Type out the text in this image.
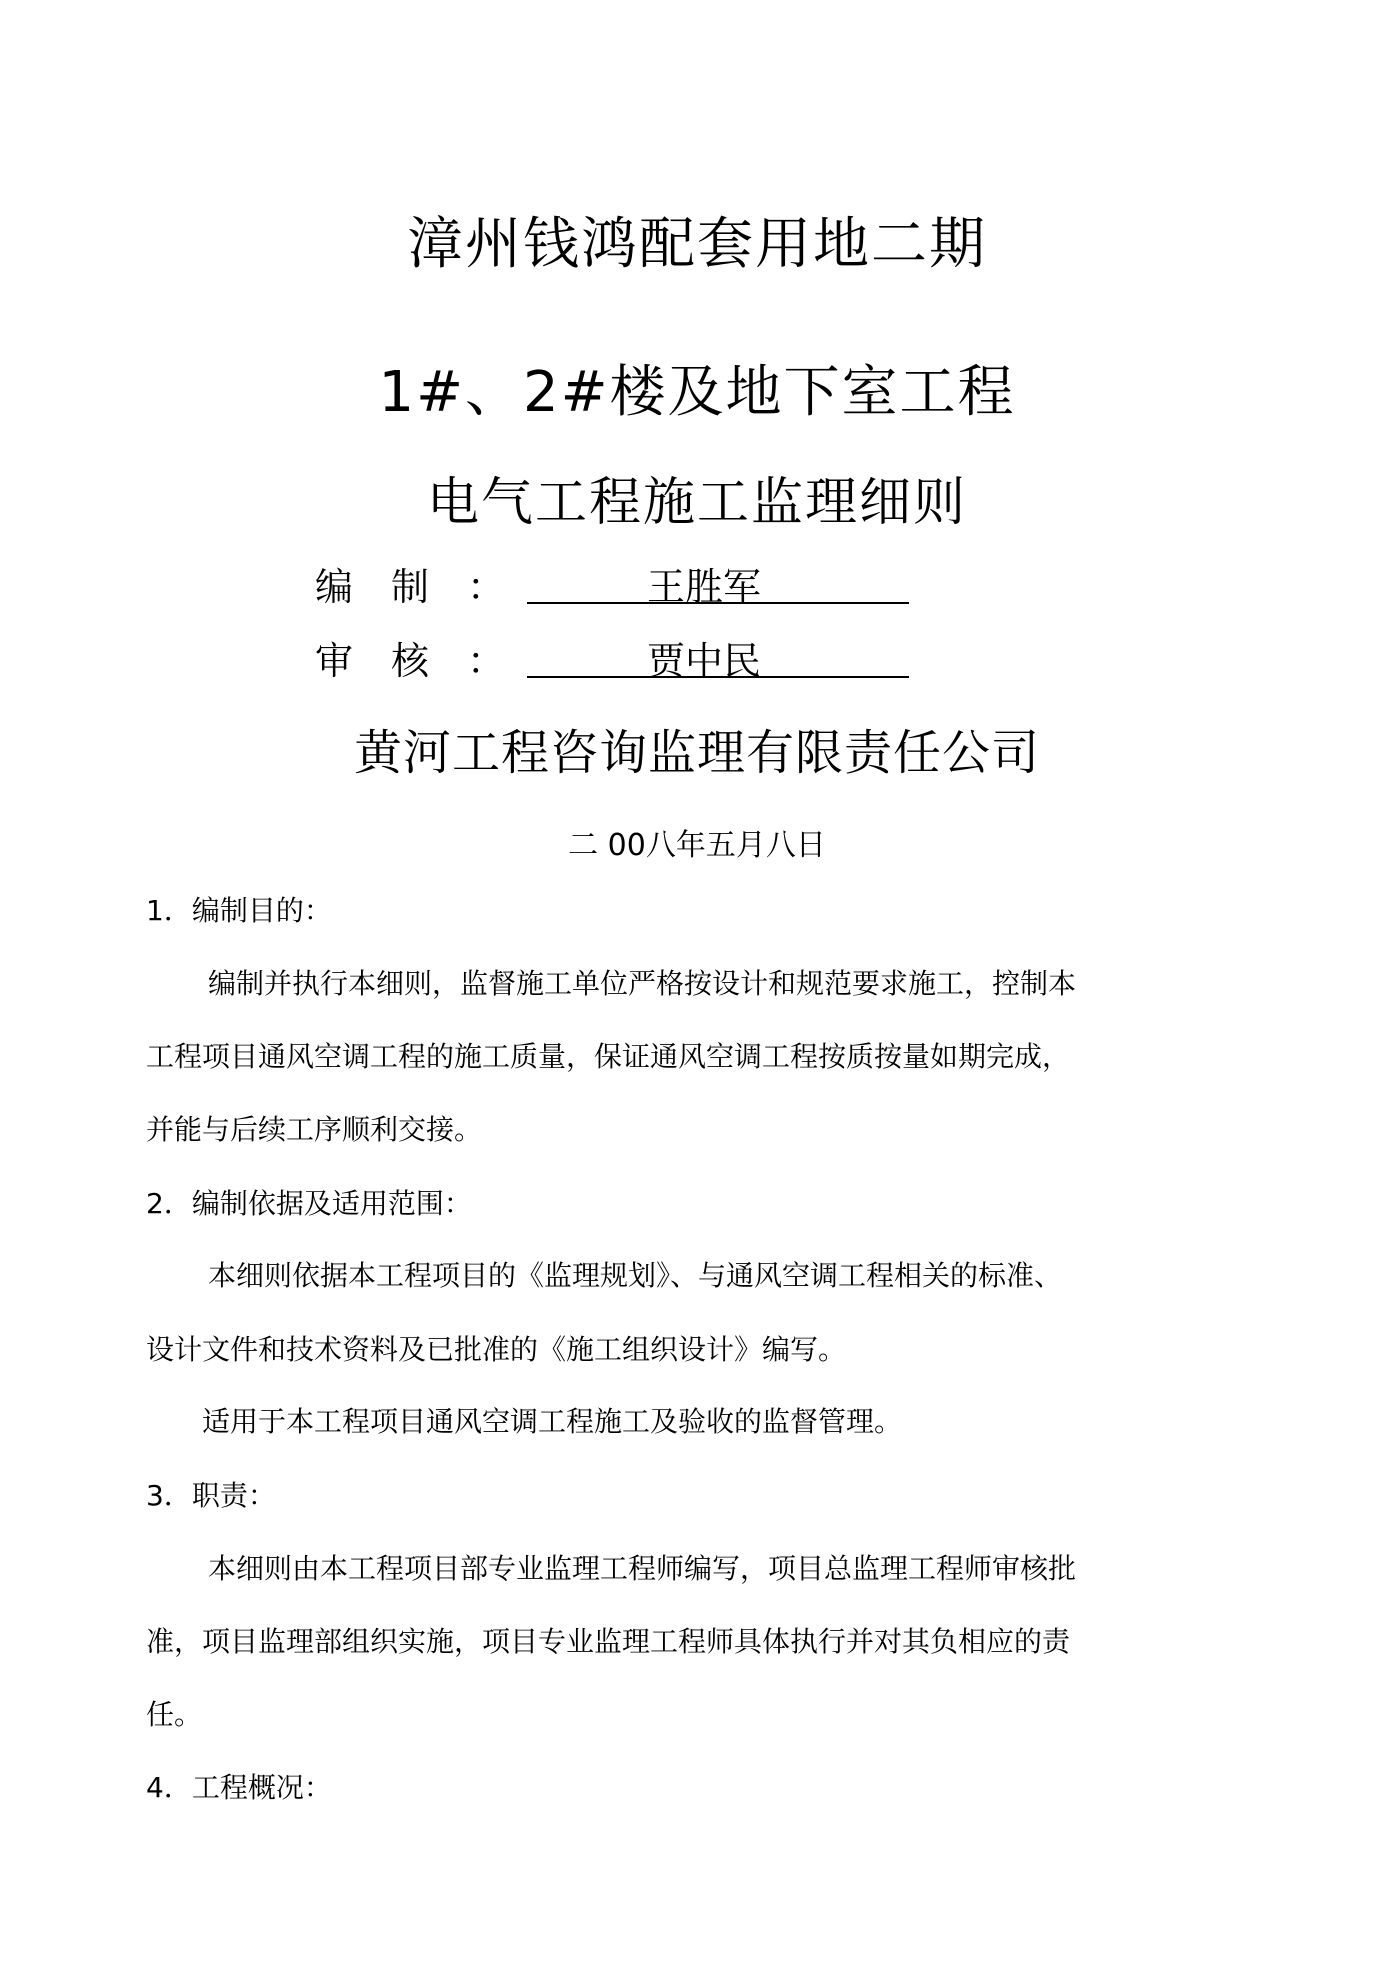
漳州钱鸿配套用地二期
1#、2#楼及地下室工程
电气工程施工监理细则
编 制 ：	王胜军
审 核 ：	贾中民
黄河工程咨询监理有限责任公司
二 00八年五月八日
1．编制目的：
编制并执行本细则，监督施工单位严格按设计和规范要求施工，控制本
工程项目通风空调工程的施工质量，保证通风空调工程按质按量如期完成，
并能与后续工序顺利交接。
2．编制依据及适用范围：
本细则依据本工程项目的《监理规划》、与通风空调工程相关的标准、
设计文件和技术资料及已批准的《施工组织设计》编写。
适用于本工程项目通风空调工程施工及验收的监督管理。
3．职责：
本细则由本工程项目部专业监理工程师编写，项目总监理工程师审核批
准，项目监理部组织实施，项目专业监理工程师具体执行并对其负相应的责
任。
4．工程概况：
